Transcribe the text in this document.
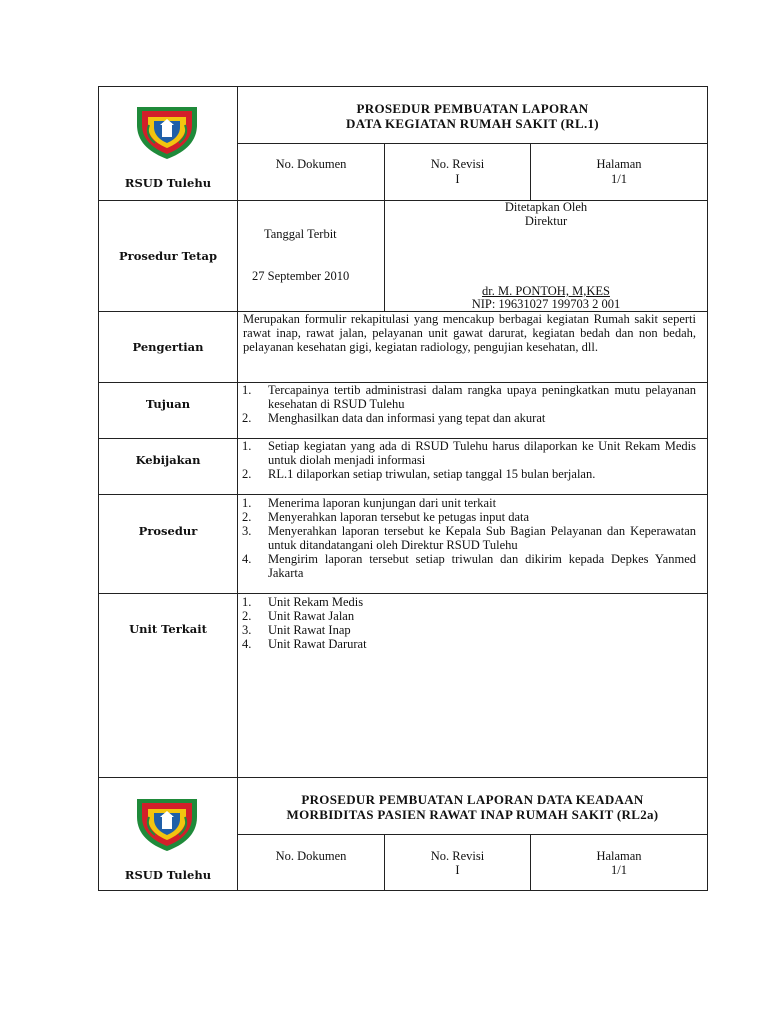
RSUD Tulehu
PROSEDUR PEMBUATAN LAPORAN
DATA KEGIATAN RUMAH SAKIT (RL.1)
No. Dokumen	No. Revisi
I
Halaman
1/1
Prosedur Tetap
Tanggal Terbit
27 September 2010
Ditetapkan Oleh
Direktur
dr. M. PONTOH, M,KES
NIP: 19631027 199703 2 001
Pengertian
Merupakan formulir rekapitulasi yang mencakup berbagai kegiatan Rumah sakit seperti rawat inap, rawat jalan, pelayanan unit gawat darurat, kegiatan bedah dan non bedah, pelayanan kesehatan gigi, kegiatan radiology, pengujian kesehatan, dll.
Tujuan
1. Tercapainya tertib administrasi dalam rangka upaya peningkatkan mutu pelayanan kesehatan di RSUD Tulehu
2. Menghasilkan data dan informasi yang tepat dan akurat
Kebijakan
1. Setiap kegiatan yang ada di RSUD Tulehu harus dilaporkan ke Unit Rekam Medis untuk diolah menjadi informasi
2. RL.1 dilaporkan setiap triwulan, setiap tanggal 15 bulan berjalan.
Prosedur
1. Menerima laporan kunjungan dari unit terkait
2. Menyerahkan laporan tersebut ke petugas input data
3. Menyerahkan laporan tersebut ke Kepala Sub Bagian Pelayanan dan Keperawatan untuk ditandatangani oleh Direktur RSUD Tulehu
4. Mengirim laporan tersebut setiap triwulan dan dikirim kepada Depkes Yanmed Jakarta
Unit Terkait
1. Unit Rekam Medis
2. Unit Rawat Jalan
3. Unit Rawat Inap
4. Unit Rawat Darurat
RSUD Tulehu
PROSEDUR PEMBUATAN LAPORAN DATA KEADAAN
MORBIDITAS PASIEN RAWAT INAP RUMAH SAKIT (RL2a)
No. Dokumen	No. Revisi
I
Halaman
1/1
